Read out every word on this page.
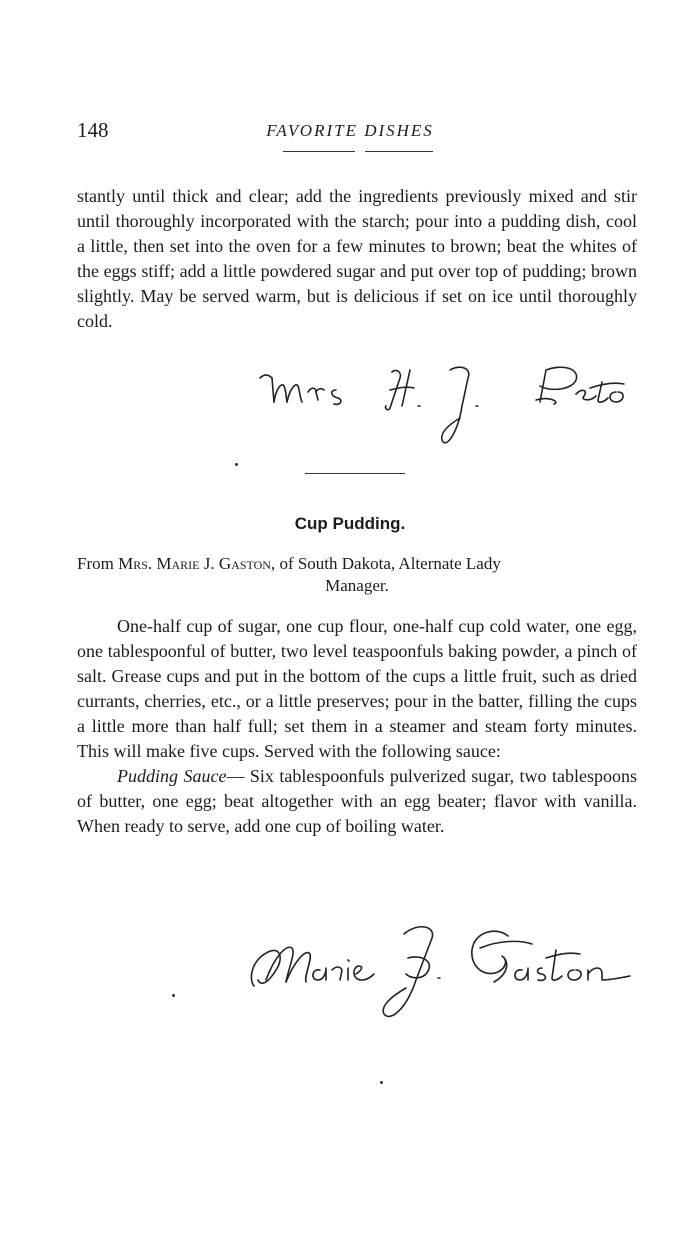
148	FAVORITE DISHES

stantly until thick and clear; add the ingredients previously mixed and stir until thoroughly incorporated with the starch; pour into a pudding dish, cool a little, then set into the oven for a few minutes to brown; beat the whites of the eggs stiff; add a little powdered sugar and put over top of pudding; brown slightly. May be served warm, but is delicious if set on ice until thoroughly cold.

Cup Pudding.
From Mrs. Marie J. Gaston, of South Dakota, Alternate Lady
Manager.

One-half cup of sugar, one cup flour, one-half cup cold water, one egg, one tablespoonful of butter, two level teaspoonfuls baking powder, a pinch of salt. Grease cups and put in the bottom of the cups a little fruit, such as dried currants, cherries, etc., or a little preserves; pour in the batter, filling the cups a little more than half full; set them in a steamer and steam forty minutes. This will make five cups. Served with the following sauce:

Pudding Sauce— Six tablespoonfuls pulverized sugar, two tablespoons of butter, one egg; beat altogether with an egg beater; flavor with vanilla. When ready to serve, add one cup of boiling water.
